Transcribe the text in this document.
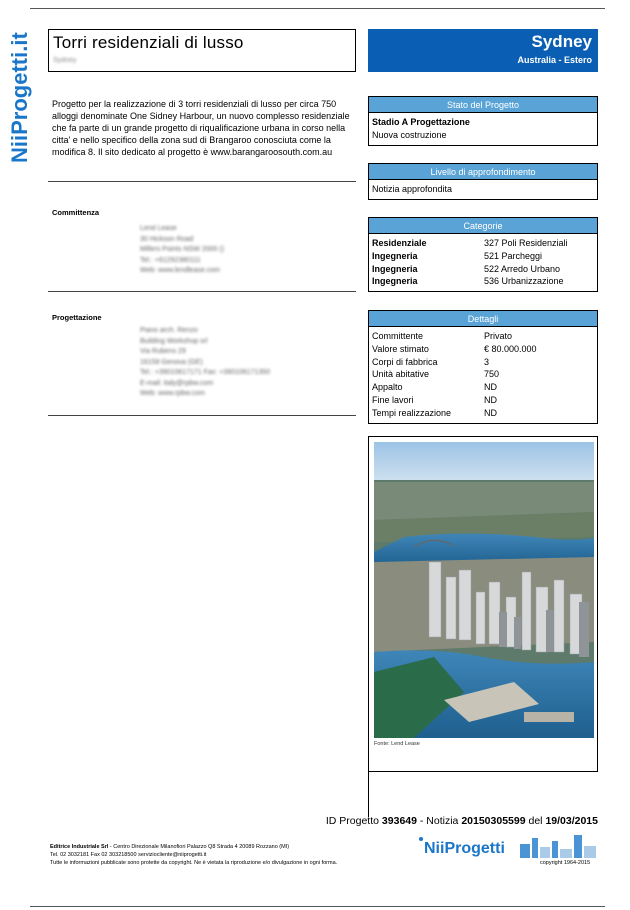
NiiProgetti.it Torri residenziali di lusso
Sydney
Sydney
Australia - Estero
Progetto per la realizzazione di 3 torri residenziali di lusso per circa 750 alloggi denominate One Sidney Harbour, un nuovo complesso residenziale che fa parte di un grande progetto di riqualificazione urbana in corso nella citta' e nello specifico della zona sud di Brangaroo conosciuta come la modifica 8. Il sito dedicato al progetto è www.barangaroosouth.com.au
Committenza
Lend Lease
30 Hickson Road
Millers Points NSW 2000 ()
Tel.: +61292380111
Web: www.lendlease.com
Progettazione
Piano arch. Renzo
Building Workshop srl
Via Rubens 29
16158 Genova (GE)
Tel.: +39010617171 Fax: +390106171350
E-mail: italy@rpbw.com
Web: www.rpbw.com
Stato del Progetto
Stadio A Progettazione
Nuova costruzione
Livello di approfondimento
Notizia approfondita
Categorie
Residenziale	327 Poli Residenziali
Ingegneria	521 Parcheggi
Ingegneria	522 Arredo Urbano
Ingegneria	536 Urbanizzazione
Dettagli
Committente	Privato
Valore stimato	€ 80.000.000
Corpi di fabbrica	3
Unità abitative	750
Appalto	ND
Fine lavori	ND
Tempi realizzazione	ND
Fonte: Lend Lease
ID Progetto 393649 - Notizia 20150305599 del 19/03/2015
Editrice Industriale Srl - Centro Direzionale Milanofiori Palazzo Q8 Strada 4 20089 Rozzano (MI)
Tel. 02 3032181 Fax 02 303218500 serviziocliente@niiprogetti.it
Tutte le informazioni pubblicate sono protette da copyright. Ne è vietata la riproduzione e/o divulgazione in ogni forma.
NiiProgetti
copyright 1964-2015
